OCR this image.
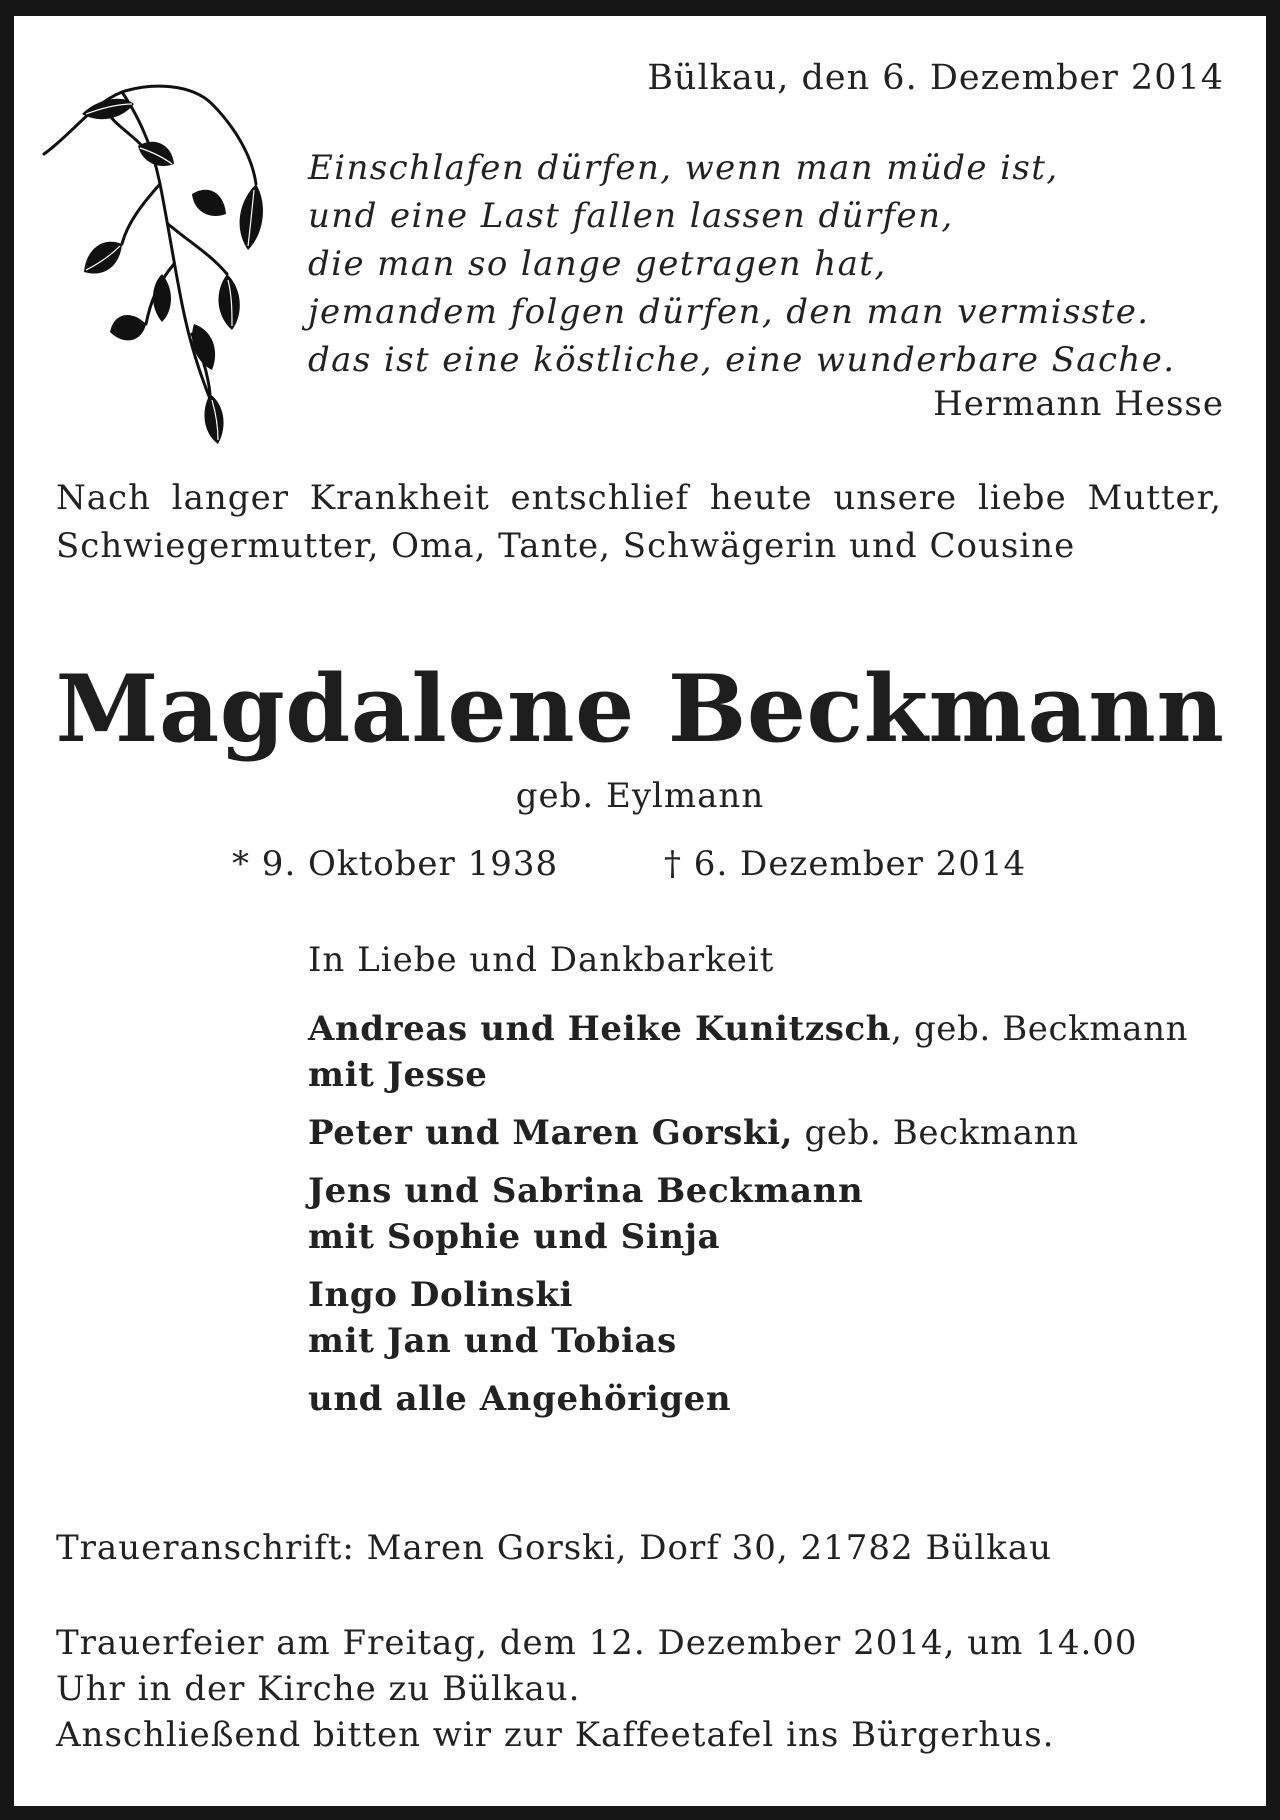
Bülkau, den 6. Dezember 2014
Einschlafen dürfen, wenn man müde ist,
und eine Last fallen lassen dürfen,
die man so lange getragen hat,
jemandem folgen dürfen, den man vermisste.
das ist eine köstliche, eine wunderbare Sache.
Hermann Hesse
Nach langer Krankheit entschlief heute unsere liebe Mutter, Schwiegermutter, Oma, Tante, Schwägerin und Cousine
Magdalene Beckmann
geb. Eylmann
* 9. Oktober 1938	† 6. Dezember 2014
In Liebe und Dankbarkeit
Andreas und Heike Kunitzsch, geb. Beckmann
mit Jesse
Peter und Maren Gorski, geb. Beckmann
Jens und Sabrina Beckmann
mit Sophie und Sinja
Ingo Dolinski
mit Jan und Tobias
und alle Angehörigen
Traueranschrift: Maren Gorski, Dorf 30, 21782 Bülkau
Trauerfeier am Freitag, dem 12. Dezember 2014, um 14.00
Uhr in der Kirche zu Bülkau.
Anschließend bitten wir zur Kaffeetafel ins Bürgerhus.
